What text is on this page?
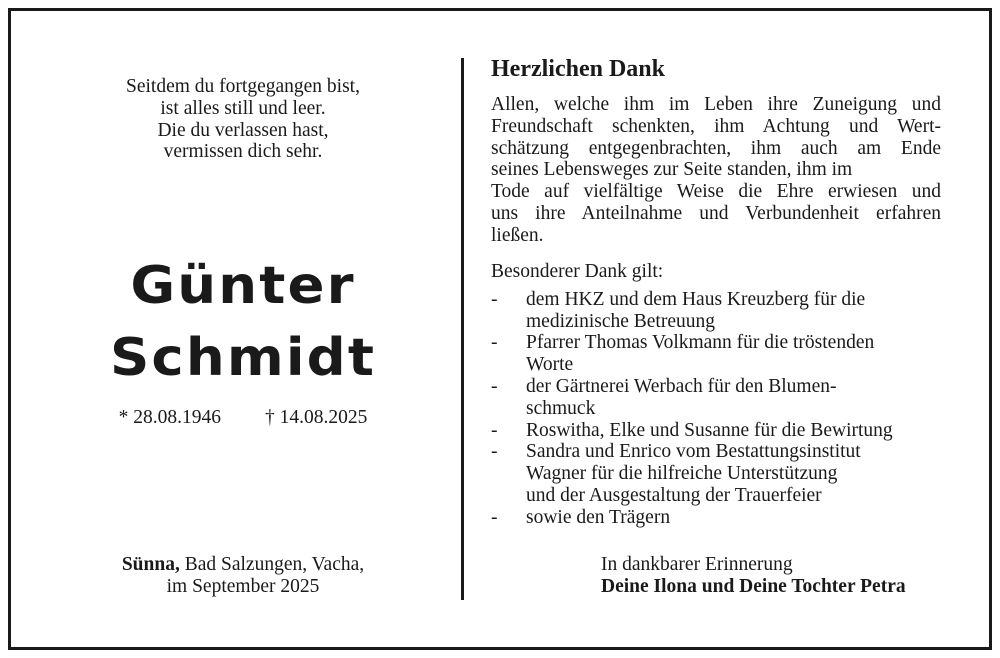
Seitdem du fortgegangen bist,
ist alles still und leer.
Die du verlassen hast,
vermissen dich sehr.
Günter
Schmidt
* 28.08.1946 † 14.08.2025
Sünna, Bad Salzungen, Vacha,
im September 2025
Herzlichen Dank
Allen, welche ihm im Leben ihre Zuneigung und
Freundschaft schenkten, ihm Achtung und Wert-
schätzung entgegenbrachten, ihm auch am Ende
seines Lebensweges zur Seite standen, ihm im
Tode auf vielfältige Weise die Ehre erwiesen und
uns ihre Anteilnahme und Verbundenheit erfahren
ließen.
Besonderer Dank gilt:
-	dem HKZ und dem Haus Kreuzberg für die
medizinische Betreuung
-	Pfarrer Thomas Volkmann für die tröstenden
Worte
-	der Gärtnerei Werbach für den Blumen-
schmuck
-	Roswitha, Elke und Susanne für die Bewirtung
-	Sandra und Enrico vom Bestattungsinstitut
Wagner für die hilfreiche Unterstützung
und der Ausgestaltung der Trauerfeier
-	sowie den Trägern
In dankbarer Erinnerung
Deine Ilona und Deine Tochter Petra
